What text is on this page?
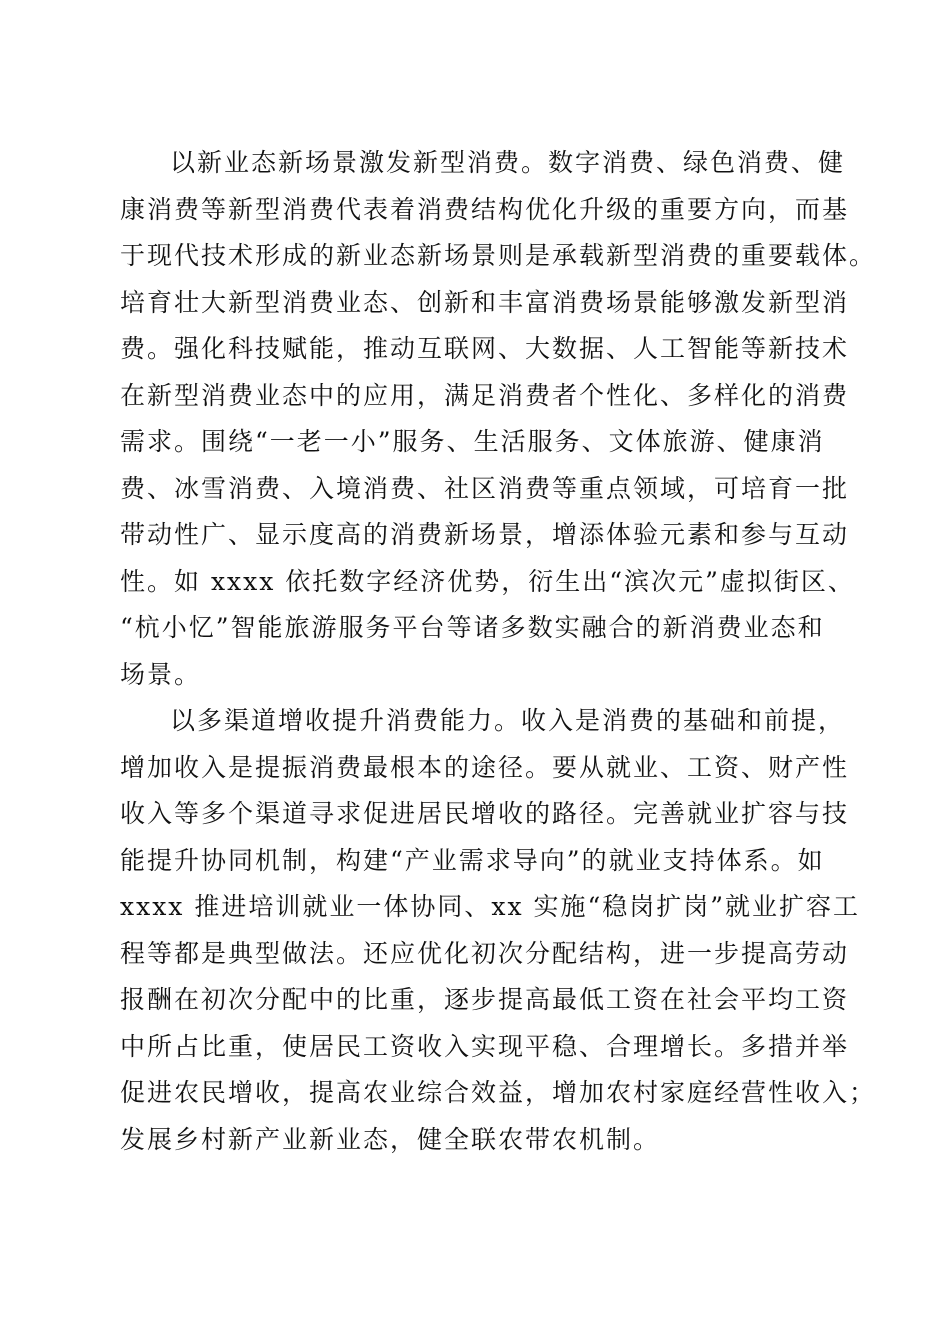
以新业态新场景激发新型消费。数字消费、绿色消费、健
康消费等新型消费代表着消费结构优化升级的重要方向，而基
于现代技术形成的新业态新场景则是承载新型消费的重要载体。
培育壮大新型消费业态、创新和丰富消费场景能够激发新型消
费。强化科技赋能，推动互联网、大数据、人工智能等新技术
在新型消费业态中的应用，满足消费者个性化、多样化的消费
需求。围绕“一老一小”服务、生活服务、文体旅游、健康消
费、冰雪消费、入境消费、社区消费等重点领域，可培育一批
带动性广、显示度高的消费新场景，增添体验元素和参与互动
性。如 xxxx 依托数字经济优势，衍生出“滨次元”虚拟街区、
“杭小忆”智能旅游服务平台等诸多数实融合的新消费业态和
场景。
以多渠道增收提升消费能力。收入是消费的基础和前提，
增加收入是提振消费最根本的途径。要从就业、工资、财产性
收入等多个渠道寻求促进居民增收的路径。完善就业扩容与技
能提升协同机制，构建“产业需求导向”的就业支持体系。如
xxxx 推进培训就业一体协同、xx 实施“稳岗扩岗”就业扩容工
程等都是典型做法。还应优化初次分配结构，进一步提高劳动
报酬在初次分配中的比重，逐步提高最低工资在社会平均工资
中所占比重，使居民工资收入实现平稳、合理增长。多措并举
促进农民增收，提高农业综合效益，增加农村家庭经营性收入；
发展乡村新产业新业态，健全联农带农机制。
